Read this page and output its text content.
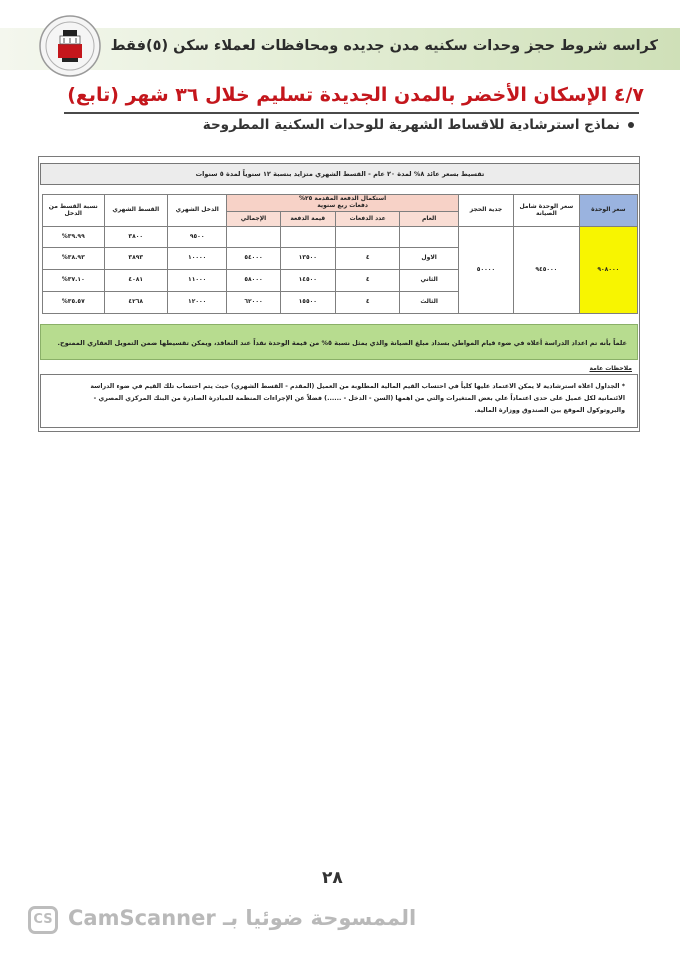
كراسه شروط حجز وحدات سكنيه مدن جديده ومحافظات لعملاء سكن (٥)فقط
٤/٧ الإسكان الأخضر بالمدن الجديدة تسليم خلال ٣٦ شهر (تابع)
نماذج استرشادية للاقساط الشهرية للوحدات السكنية المطروحة
تقسيط بسعر عائد ٨% لمدة ٢٠ عام - القسط الشهري متزايد بنسبة ١٢ سنوياً لمدة ٥ سنوات
سعر الوحدة	سعر الوحدة شامل الصيانة	جدية الحجز	استكمال الدفعة المقدمة ٢٥%
دفعات ربع سنوية				الدخل الشهري	القسط الشهري	نسبة القسط من الدخل
			العام	عدد الدفعات	قيمة الدفعة	الإجمالي			
٩٠٨٠٠٠	٩٤٥٠٠٠	٥٠٠٠٠					٩٥٠٠	٣٨٠٠	٣٩.٩٩%
			الاول	٤	١٣٥٠٠	٥٤٠٠٠	١٠٠٠٠	٣٨٩٣	٣٨.٩٣%
			الثاني	٤	١٤٥٠٠	٥٨٠٠٠	١١٠٠٠	٤٠٨١	٣٧.١٠%
			الثالث	٤	١٥٥٠٠	٦٢٠٠٠	١٢٠٠٠	٤٢٦٨	٣٥.٥٧%
علماً بأنه تم اعداد الدراسة أعلاه في ضوء قيام المواطن بسداد مبلغ الصيانة والذي يمثل نسبة ٥% من قيمة الوحدة نقداً عند التعاقد، ويمكن تقسيطها ضمن التمويل العقاري الممنوح.
ملاحظات عامة
* الجداول اعلاه استرشادية لا يمكن الاعتماد عليها كلياً في احتساب القيم المالية المطلوبة من العميل (المقدم - القسط الشهري) حيث يتم احتساب تلك القيم في ضوء الدراسة
الائتمانية لكل عميل على حدى اعتماداً علي بعض المتغيرات والتي من اهمها (السن - الدخل - ......) فضلاً عن الإجراءات المنظمة للمبادرة الصادرة من البنك المركزي المصري -
والبروتوكول الموقع بين الصندوق ووزارة المالية.
٢٨
CS CamScanner الممسوحة ضوئيا بـ
